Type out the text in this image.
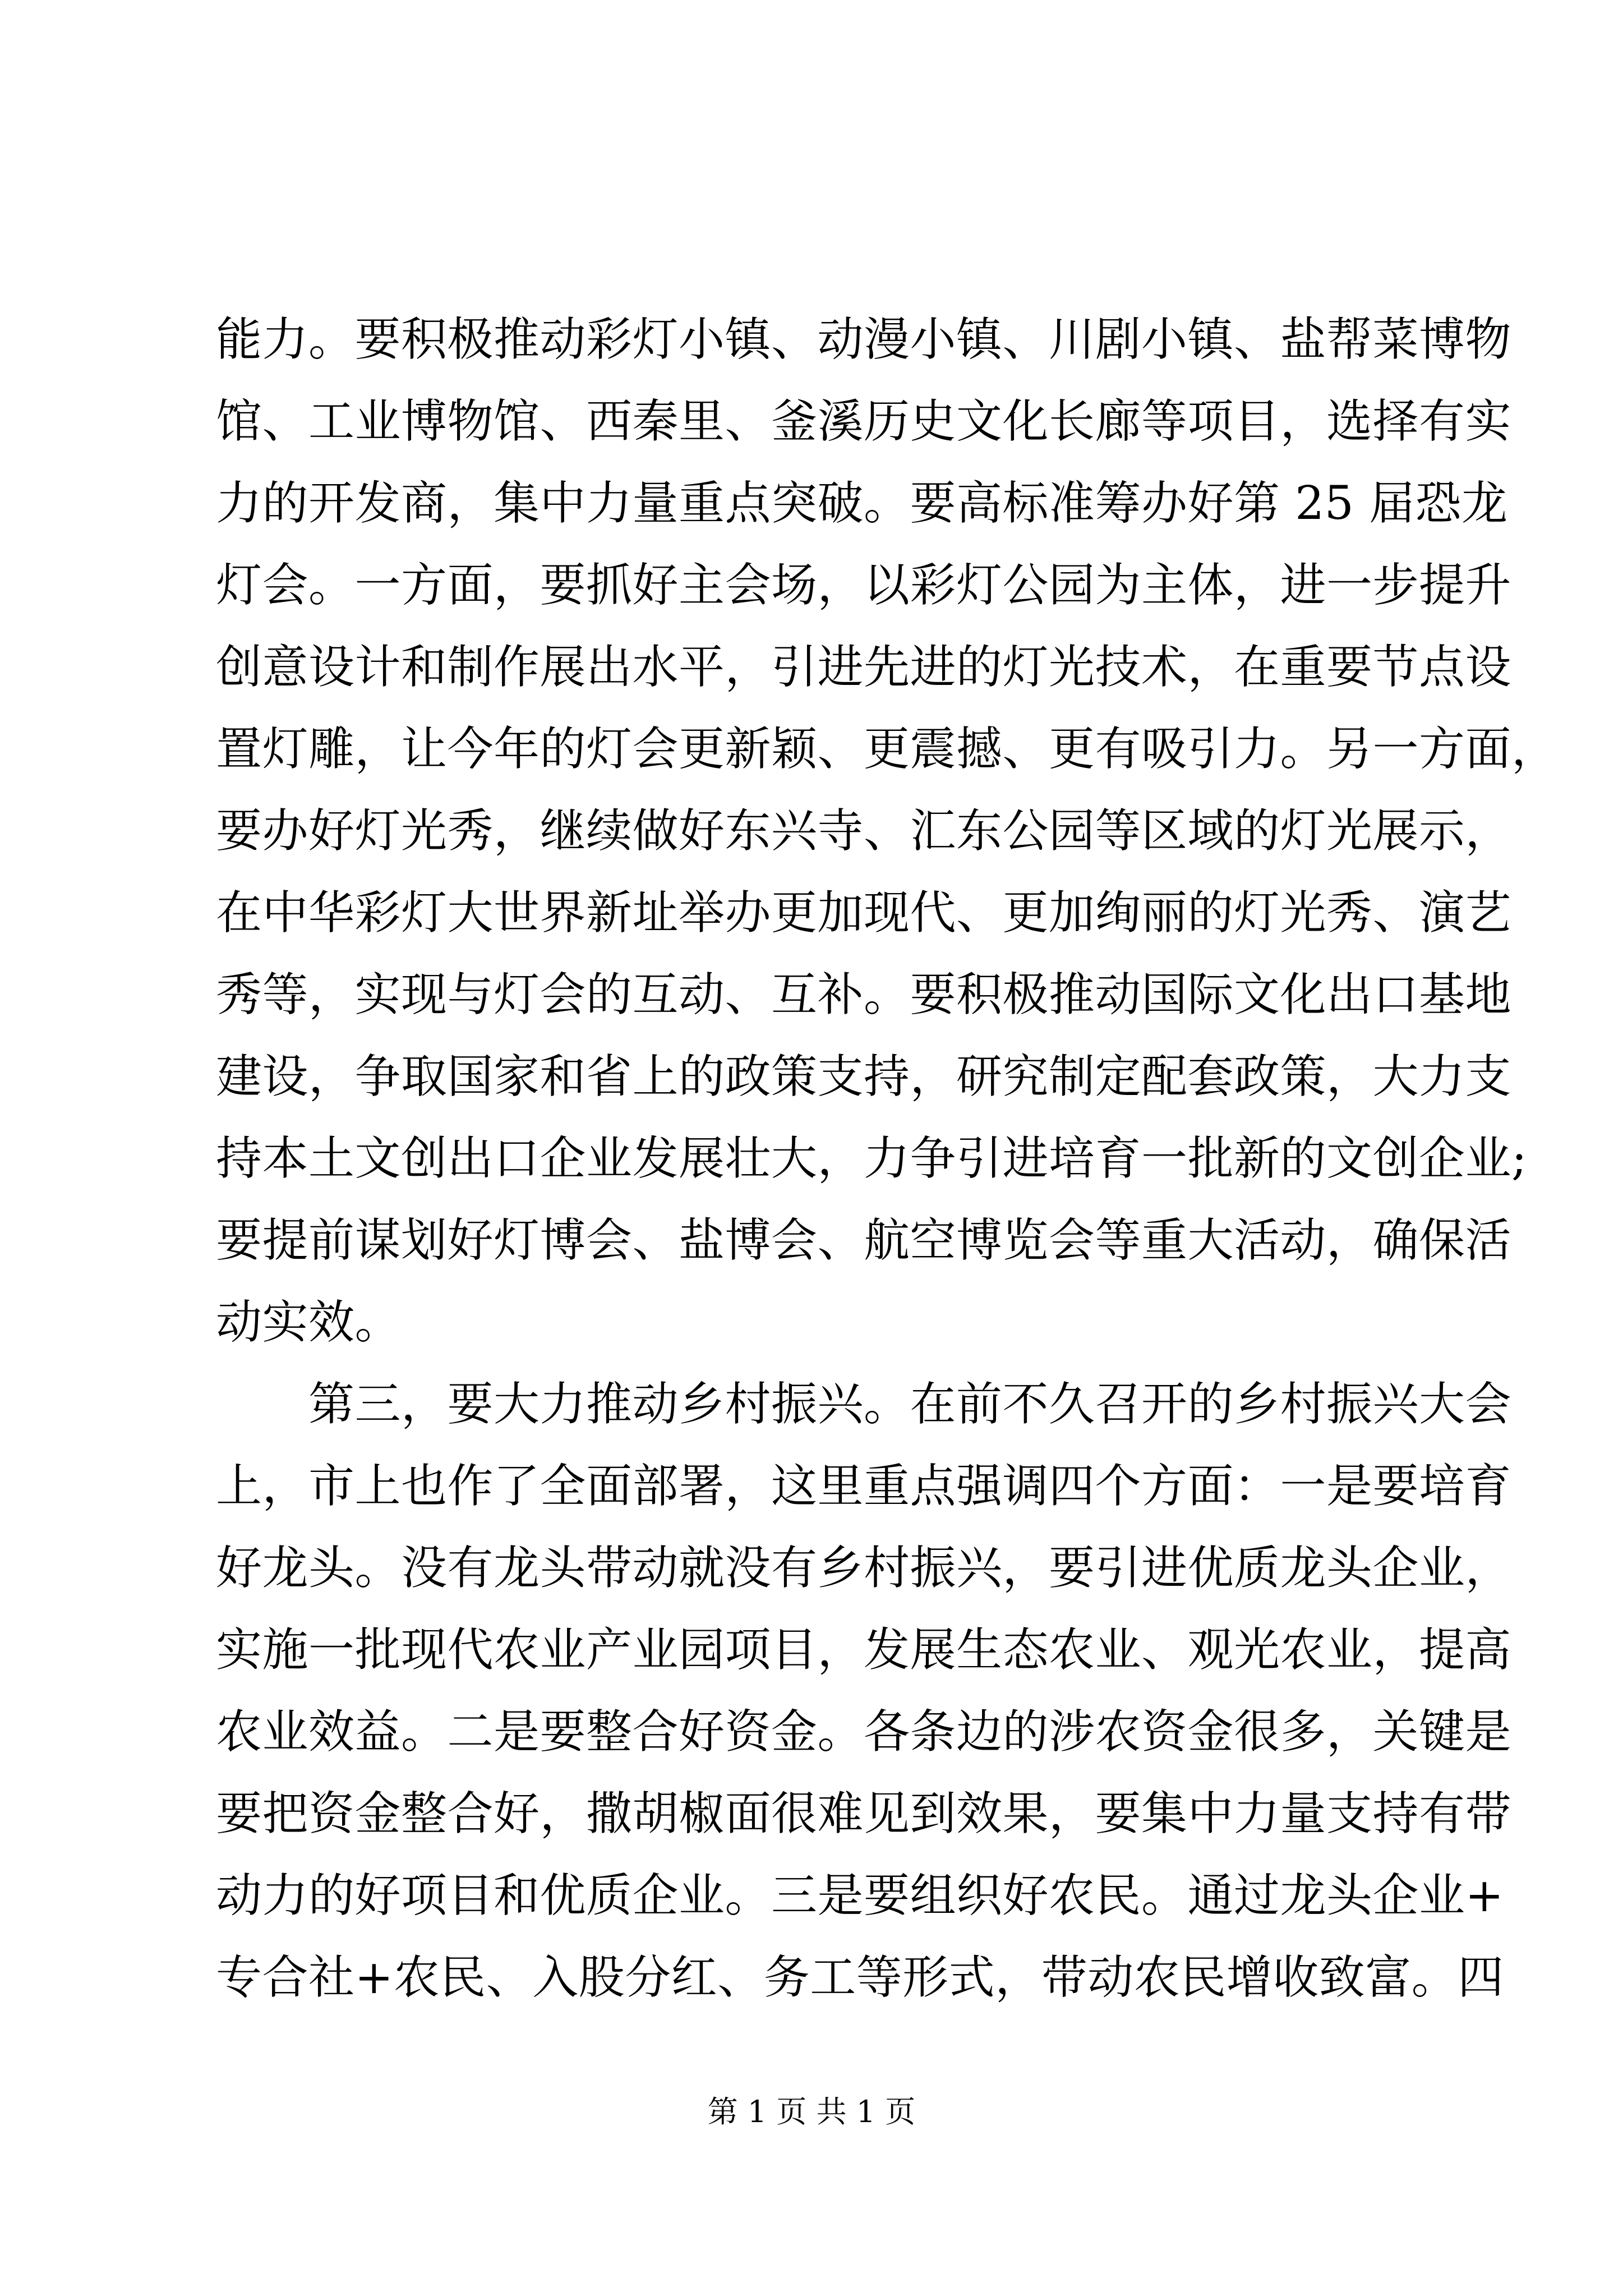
能力。要积极推动彩灯小镇、动漫小镇、川剧小镇、盐帮菜博物
馆、工业博物馆、西秦里、釜溪历史文化长廊等项目，选择有实
力的开发商，集中力量重点突破。要高标准筹办好第 25 届恐龙
灯会。一方面，要抓好主会场，以彩灯公园为主体，进一步提升
创意设计和制作展出水平，引进先进的灯光技术，在重要节点设
置灯雕，让今年的灯会更新颖、更震撼、更有吸引力。另一方面，
要办好灯光秀，继续做好东兴寺、汇东公园等区域的灯光展示，
在中华彩灯大世界新址举办更加现代、更加绚丽的灯光秀、演艺
秀等，实现与灯会的互动、互补。要积极推动国际文化出口基地
建设，争取国家和省上的政策支持，研究制定配套政策，大力支
持本土文创出口企业发展壮大，力争引进培育一批新的文创企业;
要提前谋划好灯博会、盐博会、航空博览会等重大活动，确保活
动实效。
　　第三，要大力推动乡村振兴。在前不久召开的乡村振兴大会
上，市上也作了全面部署，这里重点强调四个方面：一是要培育
好龙头。没有龙头带动就没有乡村振兴，要引进优质龙头企业，
实施一批现代农业产业园项目，发展生态农业、观光农业，提高
农业效益。二是要整合好资金。各条边的涉农资金很多，关键是
要把资金整合好，撒胡椒面很难见到效果，要集中力量支持有带
动力的好项目和优质企业。三是要组织好农民。通过龙头企业+
专合社+农民、入股分红、务工等形式，带动农民增收致富。四
第 1 页 共 1 页
